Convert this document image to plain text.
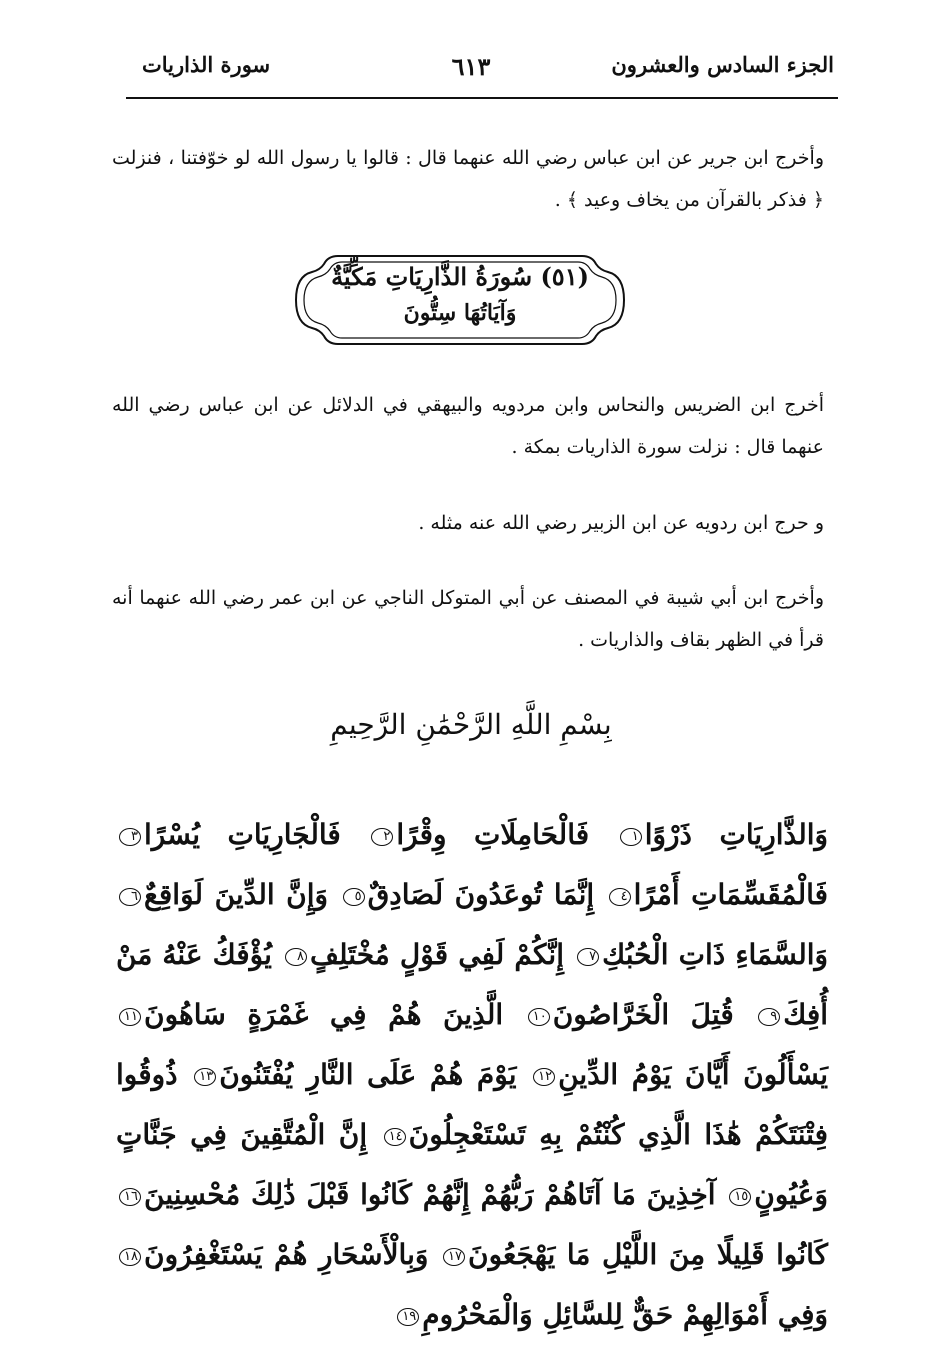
الجزء السادس والعشرون
٦١٣
سورة الذاريات
وأخرج ابن جرير عن ابن عباس رضي الله عنهما قال : قالوا يا رسول الله لو خوّفتنا ، فنزلت ﴿ فذكر بالقرآن من يخاف وعيد ﴾ .
(٥١) سُورَةُ الذَّارِيَاتِ مَكِّيَّةٌ
وَآيَاتُهَا سِتُّونَ
أخرج ابن الضريس والنحاس وابن مردويه والبيهقي في الدلائل عن ابن عباس رضي الله عنهما قال : نزلت سورة الذاريات بمكة .
و حرج ابن ردويه عن ابن الزبير رضي الله عنه مثله .
وأخرج ابن أبي شيبة في المصنف عن أبي المتوكل الناجي عن ابن عمر رضي الله عنهما أنه قرأ في الظهر بقاف والذاريات .
بِسْمِ اللَّهِ الرَّحْمَٰنِ الرَّحِيمِ
وَالذَّارِيَاتِ ذَرْوًا١ فَالْحَامِلَاتِ وِقْرًا٢ فَالْجَارِيَاتِ يُسْرًا٣ فَالْمُقَسِّمَاتِ أَمْرًا٤ إِنَّمَا تُوعَدُونَ لَصَادِقٌ٥ وَإِنَّ الدِّينَ لَوَاقِعٌ٦ وَالسَّمَاءِ ذَاتِ الْحُبُكِ٧ إِنَّكُمْ لَفِي قَوْلٍ مُخْتَلِفٍ٨ يُؤْفَكُ عَنْهُ مَنْ أُفِكَ٩ قُتِلَ الْخَرَّاصُونَ١٠ الَّذِينَ هُمْ فِي غَمْرَةٍ سَاهُونَ١١ يَسْأَلُونَ أَيَّانَ يَوْمُ الدِّينِ١٢ يَوْمَ هُمْ عَلَى النَّارِ يُفْتَنُونَ١٣ ذُوقُوا فِتْنَتَكُمْ هَٰذَا الَّذِي كُنْتُمْ بِهِ تَسْتَعْجِلُونَ١٤ إِنَّ الْمُتَّقِينَ فِي جَنَّاتٍ وَعُيُونٍ١٥ آخِذِينَ مَا آتَاهُمْ رَبُّهُمْ إِنَّهُمْ كَانُوا قَبْلَ ذَٰلِكَ مُحْسِنِينَ١٦ كَانُوا قَلِيلًا مِنَ اللَّيْلِ مَا يَهْجَعُونَ١٧ وَبِالْأَسْحَارِ هُمْ يَسْتَغْفِرُونَ١٨ وَفِي أَمْوَالِهِمْ حَقٌّ لِلسَّائِلِ وَالْمَحْرُومِ١٩
